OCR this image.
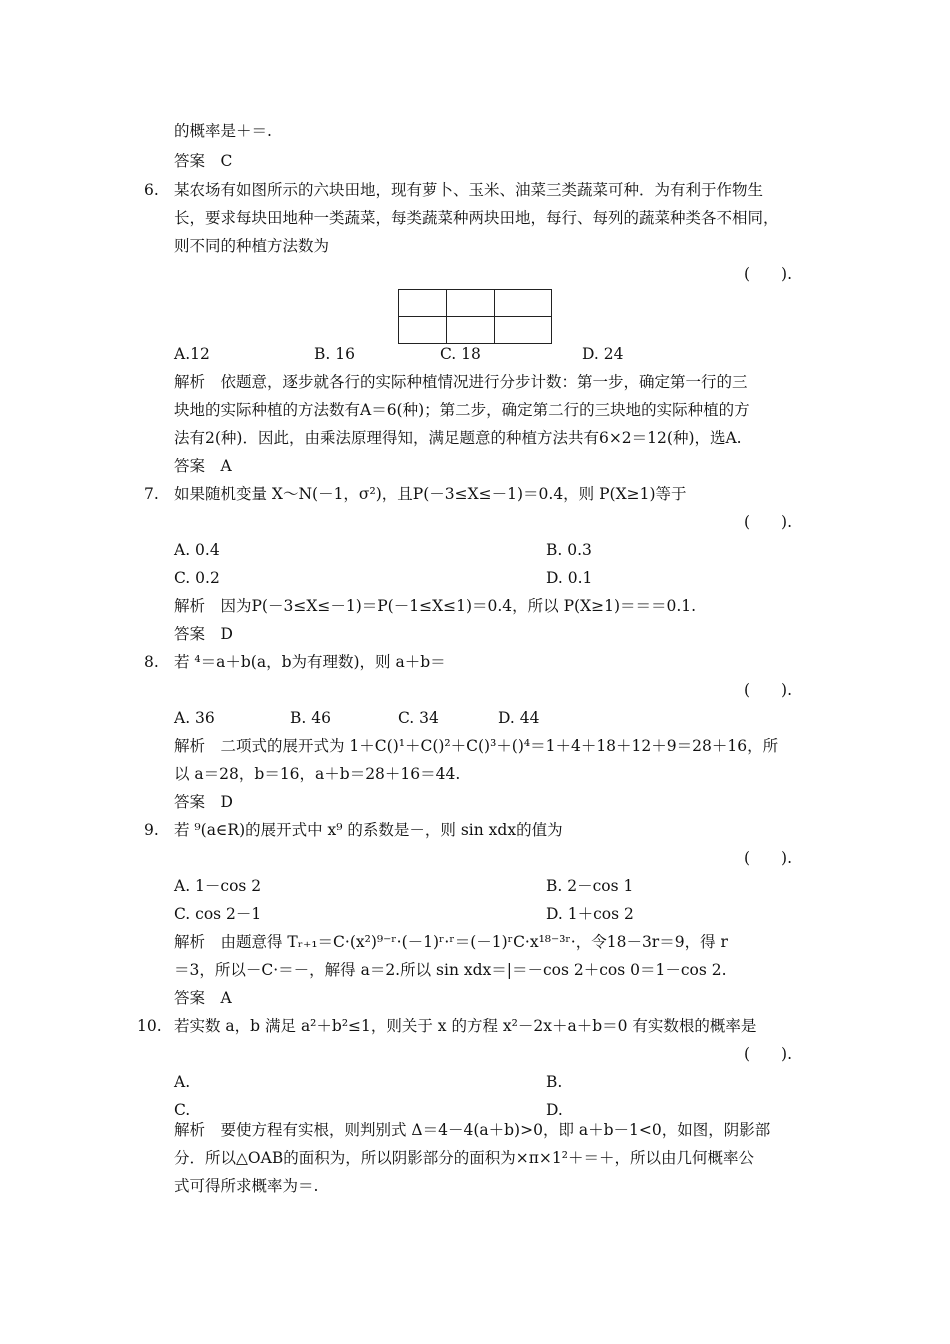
的概率是＋＝.
答案　C
6. 某农场有如图所示的六块田地，现有萝卜、玉米、油菜三类蔬菜可种．为有利于作物生
长，要求每块田地种一类蔬菜，每类蔬菜种两块田地，每行、每列的蔬菜种类各不相同，
则不同的种植方法数为
(　　).

A.12	B. 16	C. 18	D. 24
解析　依题意，逐步就各行的实际种植情况进行分步计数：第一步，确定第一行的三
块地的实际种植的方法数有A＝6(种)；第二步，确定第二行的三块地的实际种植的方
法有2(种)．因此，由乘法原理得知，满足题意的种植方法共有6×2＝12(种)，选A.
答案　A
7. 如果随机变量 X～N(－1，σ²)，且P(－3≤X≤－1)＝0.4，则 P(X≥1)等于
(　　).
A. 0.4	B. 0.3
C. 0.2	D. 0.1
解析　因为P(－3≤X≤－1)＝P(－1≤X≤1)＝0.4，所以 P(X≥1)＝＝＝0.1.
答案　D
8. 若 ⁴＝a＋b(a，b为有理数)，则 a＋b＝
(　　).
A. 36	B. 46	C. 34	D. 44
解析　二项式的展开式为 1＋C()¹＋C()²＋C()³＋()⁴＝1＋4＋18＋12＋9＝28＋16，所
以 a＝28，b＝16，a＋b＝28＋16＝44.
答案　D
9. 若 ⁹(a∈R)的展开式中 x⁹ 的系数是－，则 sin xdx的值为
(　　).
A. 1－cos 2	B. 2－cos 1
C. cos 2－1	D. 1＋cos 2
解析　由题意得 Tᵣ₊₁＝C·(x²)⁹⁻ʳ·(－1)ʳ·ʳ＝(－1)ʳC·x¹⁸⁻³ʳ·，令18－3r＝9，得 r
＝3，所以－C·＝－，解得 a＝2.所以 sin xdx＝|＝－cos 2＋cos 0＝1－cos 2.
答案　A
10. 若实数 a，b 满足 a²＋b²≤1，则关于 x 的方程 x²－2x＋a＋b＝0 有实数根的概率是
(　　).
A.	B.
C.	D.
解析　要使方程有实根，则判别式 Δ＝4－4(a＋b)>0，即 a＋b－1<0，如图，阴影部
分．所以△OAB的面积为，所以阴影部分的面积为×π×1²＋＝＋，所以由几何概率公
式可得所求概率为＝.
